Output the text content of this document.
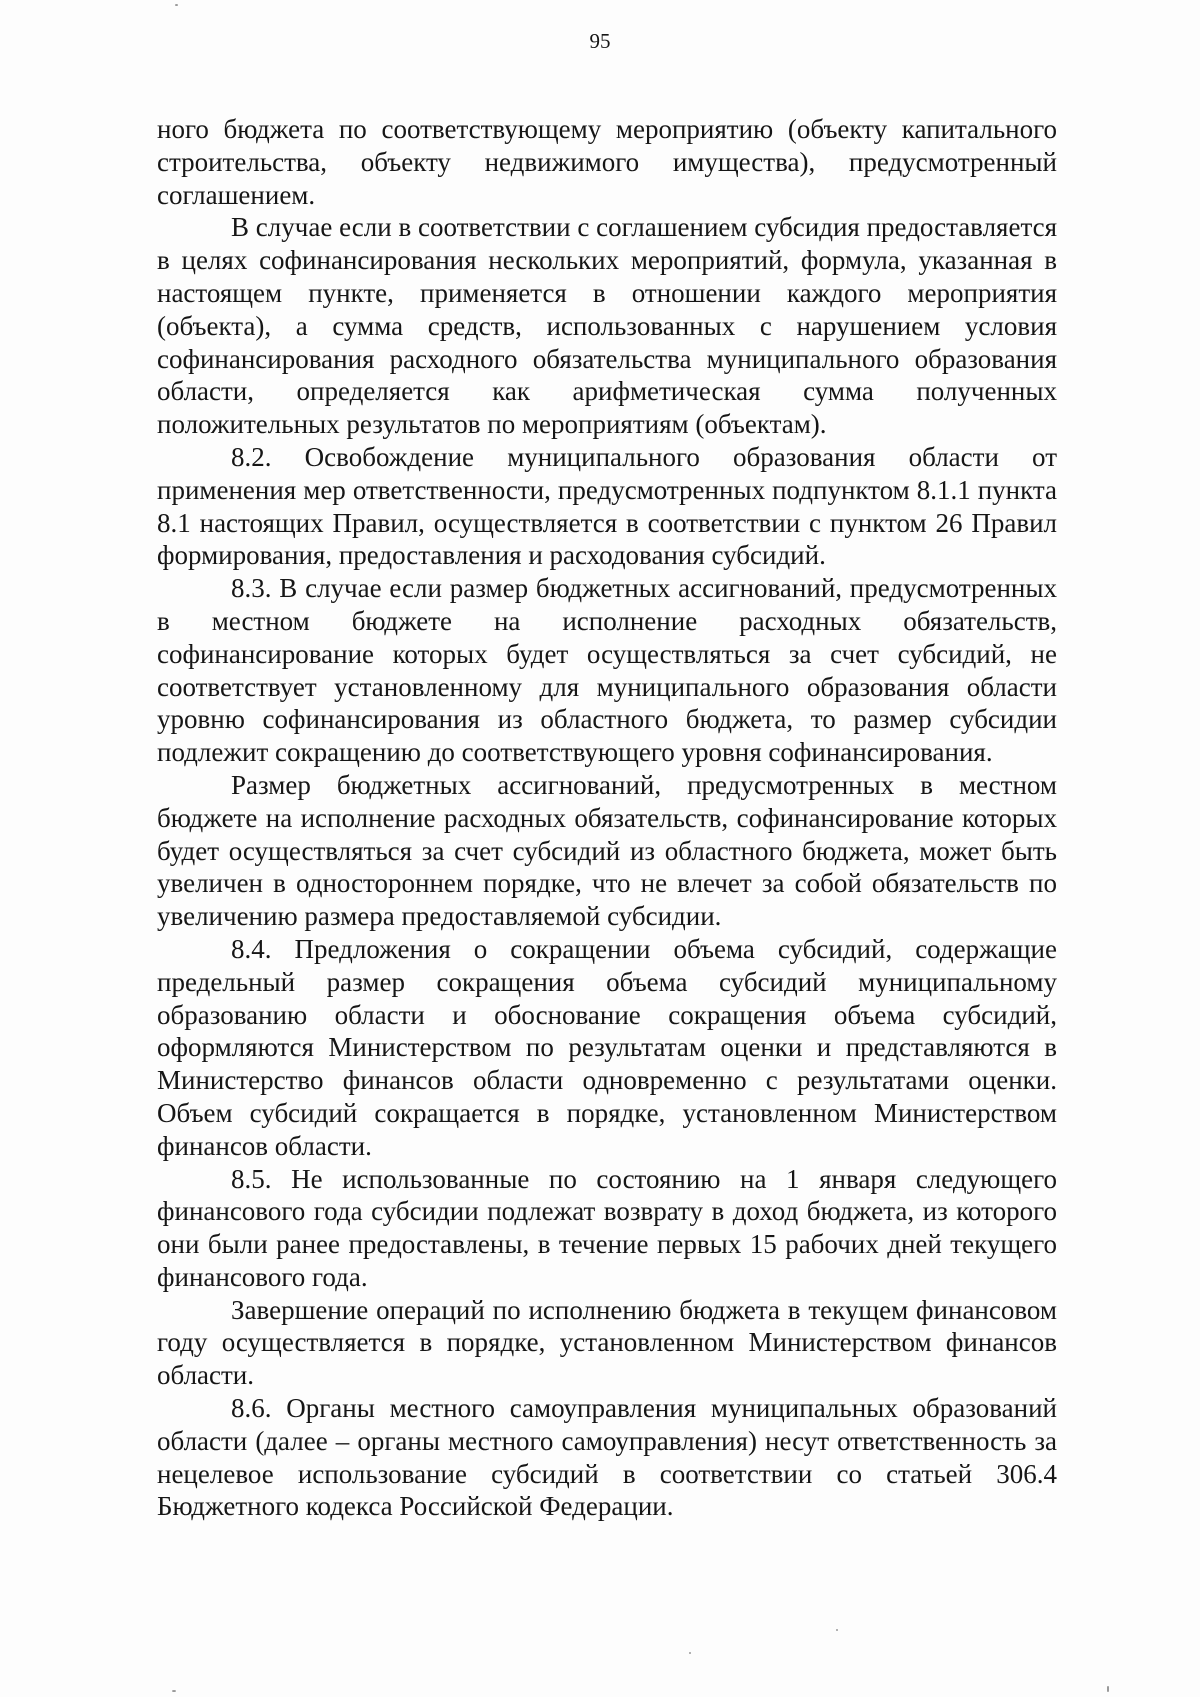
95

ного бюджета по соответствующему мероприятию (объекту капитального строительства, объекту недвижимого имущества), предусмотренный соглашением.

В случае если в соответствии с соглашением субсидия предоставляется в целях софинансирования нескольких мероприятий, формула, указанная в настоящем пункте, применяется в отношении каждого мероприятия (объекта), а сумма средств, использованных с нарушением условия софинансирования расходного обязательства муниципального образования области, определяется как арифметическая сумма полученных положительных результатов по мероприятиям (объектам).

8.2. Освобождение муниципального образования области от применения мер ответственности, предусмотренных подпунктом 8.1.1 пункта 8.1 настоящих Правил, осуществляется в соответствии с пунктом 26 Правил формирования, предоставления и расходования субсидий.

8.3. В случае если размер бюджетных ассигнований, предусмотренных в местном бюджете на исполнение расходных обязательств, софинансирование которых будет осуществляться за счет субсидий, не соответствует установленному для муниципального образования области уровню софинансирования из областного бюджета, то размер субсидии подлежит сокращению до соответствующего уровня софинансирования.

Размер бюджетных ассигнований, предусмотренных в местном бюджете на исполнение расходных обязательств, софинансирование которых будет осуществляться за счет субсидий из областного бюджета, может быть увеличен в одностороннем порядке, что не влечет за собой обязательств по увеличению размера предоставляемой субсидии.

8.4. Предложения о сокращении объема субсидий, содержащие предельный размер сокращения объема субсидий муниципальному образованию области и обоснование сокращения объема субсидий, оформляются Министерством по результатам оценки и представляются в Министерство финансов области одновременно с результатами оценки. Объем субсидий сокращается в порядке, установленном Министерством финансов области.

8.5. Не использованные по состоянию на 1 января следующего финансового года субсидии подлежат возврату в доход бюджета, из которого они были ранее предоставлены, в течение первых 15 рабочих дней текущего финансового года.

Завершение операций по исполнению бюджета в текущем финансовом году осуществляется в порядке, установленном Министерством финансов области.

8.6. Органы местного самоуправления муниципальных образований области (далее – органы местного самоуправления) несут ответственность за нецелевое использование субсидий в соответствии со статьей 306.4 Бюджетного кодекса Российской Федерации.
